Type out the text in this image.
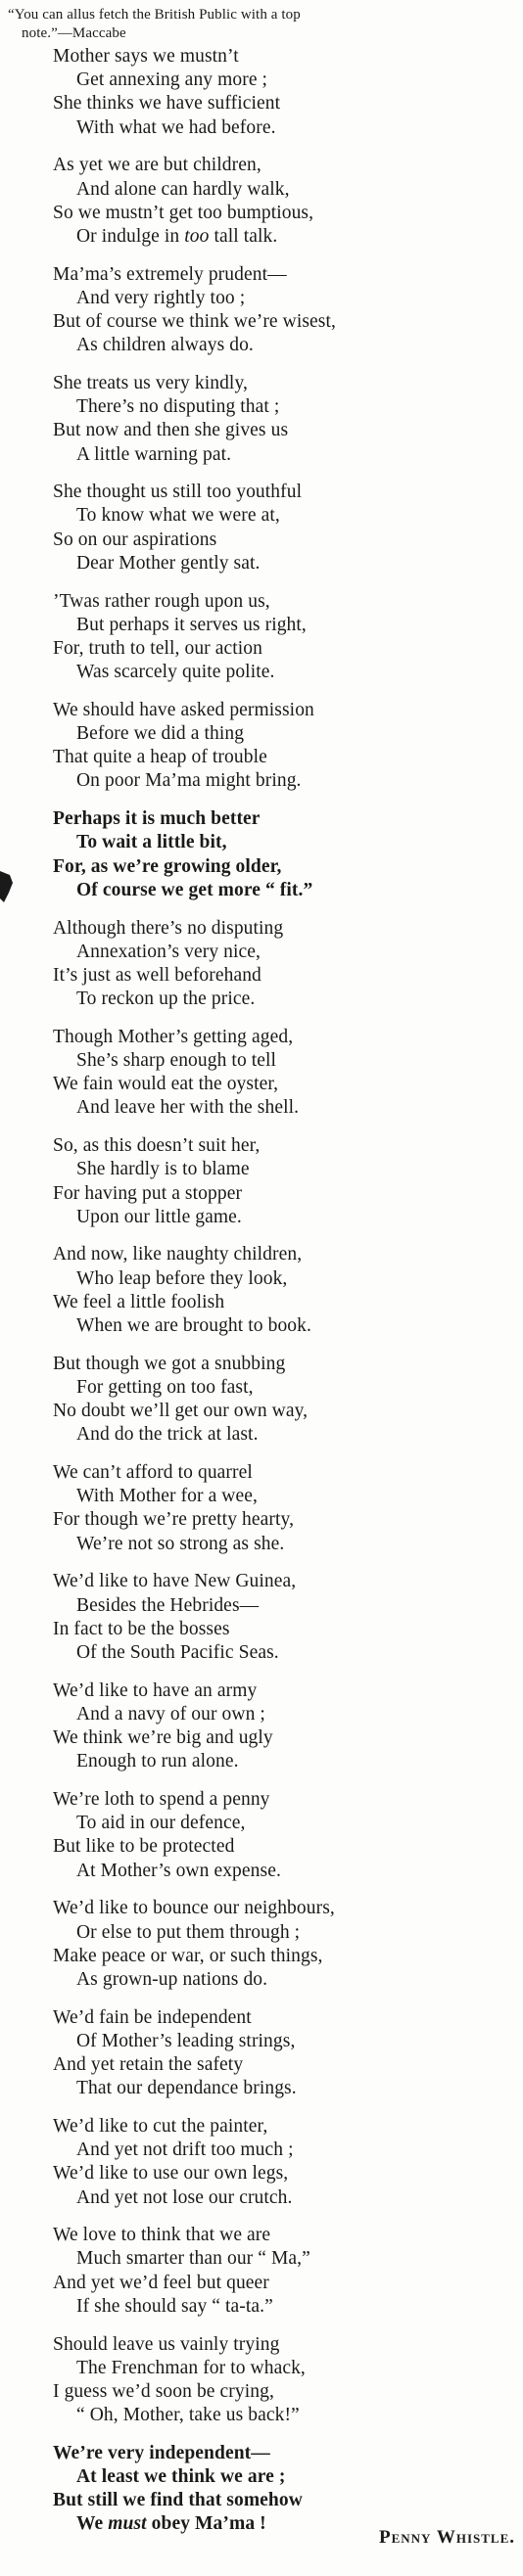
“You can allus fetch the British Public with a top
note.”—Maccabe
Mother says we mustn’t
Get annexing any more ;
She thinks we have sufficient
With what we had before.
As yet we are but children,
And alone can hardly walk,
So we mustn’t get too bumptious,
Or indulge in too tall talk.
Ma’ma’s extremely prudent—
And very rightly too ;
But of course we think we’re wisest,
As children always do.
She treats us very kindly,
There’s no disputing that ;
But now and then she gives us
A little warning pat.
She thought us still too youthful
To know what we were at,
So on our aspirations
Dear Mother gently sat.
’Twas rather rough upon us,
But perhaps it serves us right,
For, truth to tell, our action
Was scarcely quite polite.
We should have asked permission
Before we did a thing
That quite a heap of trouble
On poor Ma’ma might bring.
Perhaps it is much better
To wait a little bit,
For, as we’re growing older,
Of course we get more “ fit.”
Although there’s no disputing
Annexation’s very nice,
It’s just as well beforehand
To reckon up the price.
Though Mother’s getting aged,
She’s sharp enough to tell
We fain would eat the oyster,
And leave her with the shell.
So, as this doesn’t suit her,
She hardly is to blame
For having put a stopper
Upon our little game.
And now, like naughty children,
Who leap before they look,
We feel a little foolish
When we are brought to book.
But though we got a snubbing
For getting on too fast,
No doubt we’ll get our own way,
And do the trick at last.
We can’t afford to quarrel
With Mother for a wee,
For though we’re pretty hearty,
We’re not so strong as she.
We’d like to have New Guinea,
Besides the Hebrides—
In fact to be the bosses
Of the South Pacific Seas.
We’d like to have an army
And a navy of our own ;
We think we’re big and ugly
Enough to run alone.
We’re loth to spend a penny
To aid in our defence,
But like to be protected
At Mother’s own expense.
We’d like to bounce our neighbours,
Or else to put them through ;
Make peace or war, or such things,
As grown-up nations do.
We’d fain be independent
Of Mother’s leading strings,
And yet retain the safety
That our dependance brings.
We’d like to cut the painter,
And yet not drift too much ;
We’d like to use our own legs,
And yet not lose our crutch.
We love to think that we are
Much smarter than our “ Ma,”
And yet we’d feel but queer
If she should say “ ta-ta.”
Should leave us vainly trying
The Frenchman for to whack,
I guess we’d soon be crying,
“ Oh, Mother, take us back!”
We’re very independent—
At least we think we are ;
But still we find that somehow
We must obey Ma’ma !
Penny Whistle.
